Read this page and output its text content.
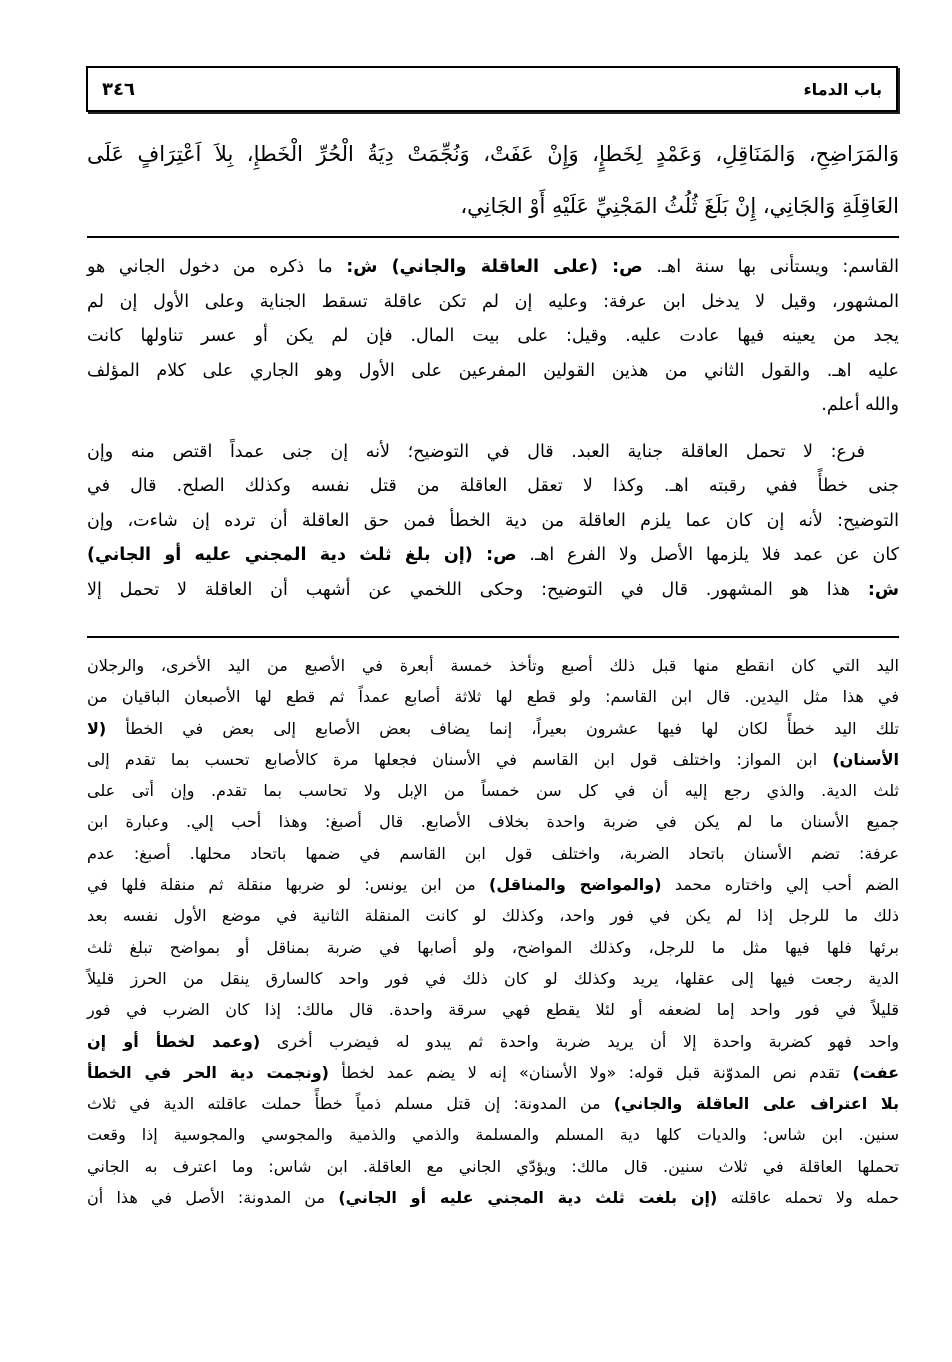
باب الدماء
٣٤٦
وَالمَرَاضِحِ، وَالمَنَاقِلِ، وَعَمْدٍ لِخَطإٍ، وَإِنْ عَفَتْ، وَنُجِّمَتْ دِيَةُ الْحُرِّ الْخَطإِ، بِلاَ اَعْتِرَافٍ عَلَى
العَاقِلَةِ وَالجَانِي، إِنْ بَلَغَ ثُلُثُ المَجْنِيِّ عَلَيْهِ أَوْ الجَانِي،
القاسم: ويستأنى بها سنة اهـ. ص: (على العاقلة والجاني) ش: ما ذكره من دخول الجاني هو
المشهور، وقيل لا يدخل ابن عرفة: وعليه إن لم تكن عاقلة تسقط الجناية وعلى الأول إن لم
يجد من يعينه فيها عادت عليه. وقيل: على بيت المال. فإن لم يكن أو عسر تناولها كانت
عليه اهـ. والقول الثاني من هذين القولين المفرعين على الأول وهو الجاري على كلام المؤلف
والله أعلم.
فرع: لا تحمل العاقلة جناية العبد. قال في التوضيح؛ لأنه إن جنى عمداً اقتص منه وإن
جنى خطأً ففي رقبته اهـ. وكذا لا تعقل العاقلة من قتل نفسه وكذلك الصلح. قال في
التوضيح: لأنه إن كان عما يلزم العاقلة من دية الخطأ فمن حق العاقلة أن ترده إن شاءت، وإن
كان عن عمد فلا يلزمها الأصل ولا الفرع اهـ. ص: (إن بلغ ثلث دية المجني عليه أو الجاني)
ش: هذا هو المشهور. قال في التوضيح: وحكى اللخمي عن أشهب أن العاقلة لا تحمل إلا
اليد التي كان انقطع منها قبل ذلك أصبع وتأخذ خمسة أبعرة في الأصبع من اليد الأخرى، والرجلان
في هذا مثل اليدين. قال ابن القاسم: ولو قطع لها ثلاثة أصابع عمداً ثم قطع لها الأصبعان الباقيان من
تلك اليد خطأً لكان لها فيها عشرون بعيراً، إنما يضاف بعض الأصابع إلى بعض في الخطأ (لا
الأسنان) ابن المواز: واختلف قول ابن القاسم في الأسنان فجعلها مرة كالأصابع تحسب بما تقدم إلى
ثلث الدية. والذي رجع إليه أن في كل سن خمساً من الإبل ولا تحاسب بما تقدم. وإن أتى على
جميع الأسنان ما لم يكن في ضربة واحدة بخلاف الأصابع. قال أصبغ: وهذا أحب إلي. وعبارة ابن
عرفة: تضم الأسنان باتحاد الضربة، واختلف قول ابن القاسم في ضمها باتحاد محلها. أصبغ: عدم
الضم أحب إلي واختاره محمد (والمواضح والمناقل) من ابن يونس: لو ضربها منقلة ثم منقلة فلها في
ذلك ما للرجل إذا لم يكن في فور واحد، وكذلك لو كانت المنقلة الثانية في موضع الأول نفسه بعد
برئها فلها فيها مثل ما للرجل، وكذلك المواضح، ولو أصابها في ضربة بمناقل أو بمواضح تبلغ ثلث
الدية رجعت فيها إلى عقلها، يريد وكذلك لو كان ذلك في فور واحد كالسارق ينقل من الحرز قليلاً
قليلاً في فور واحد إما لضعفه أو لئلا يقطع فهي سرقة واحدة. قال مالك: إذا كان الضرب في فور
واحد فهو كضربة واحدة إلا أن يريد ضربة واحدة ثم يبدو له فيضرب أخرى (وعمد لخطأ أو إن
عفت) تقدم نص المدوّنة قبل قوله: «ولا الأسنان» إنه لا يضم عمد لخطأ (ونجمت دية الحر في الخطأ
بلا اعتراف على العاقلة والجاني) من المدونة: إن قتل مسلم ذمياً خطأً حملت عاقلته الدية في ثلاث
سنين. ابن شاس: والديات كلها دية المسلم والمسلمة والذمي والذمية والمجوسي والمجوسية إذا وقعت
تحملها العاقلة في ثلاث سنين. قال مالك: ويؤدّي الجاني مع العاقلة. ابن شاس: وما اعترف به الجاني
حمله ولا تحمله عاقلته (إن بلغت ثلث دية المجني عليه أو الجاني) من المدونة: الأصل في هذا أن
